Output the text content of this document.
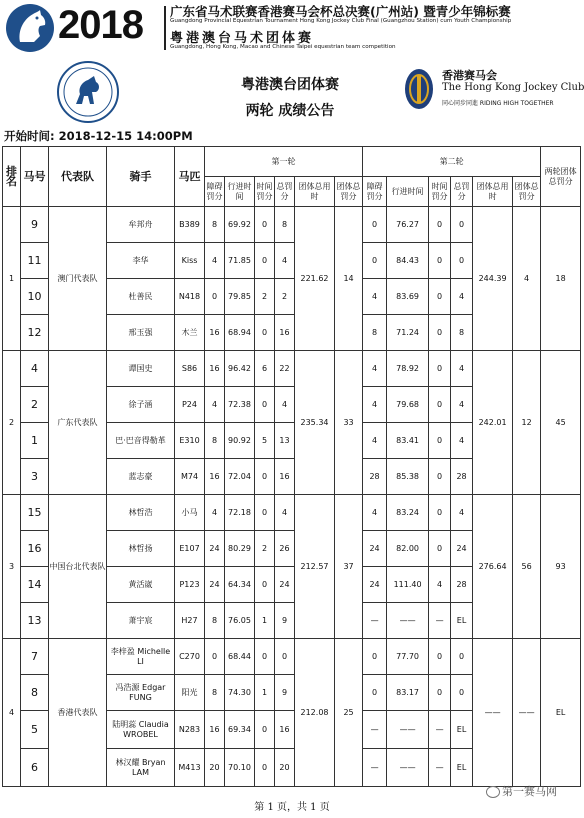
2018 广东省马术联赛香港赛马会杯总决赛(广州站) 暨青少年锦标赛
Guangdong Provincial Equestrian Tournament Hong Kong Jockey Club Final (Guangzhou Station) cum Youth Championship
粤港澳台马术团体赛
Guangdong, Hong Kong, Macao and Chinese Taipei equestrian team competition
粤港澳台团体赛
两轮 成绩公告
香港赛马会
The Hong Kong Jockey Club
同心同步同進 RIDING HIGH TOGETHER
开始时间: 2018-12-15 14:00PM
排名	马号	代表队	骑手	马匹	第一轮						第二轮						两轮团体总罚分
					障碍罚分	行进时间	时间罚分	总罚分	团体总用时	团体总罚分	障碍罚分	行进时间	时间罚分	总罚分	团体总用时	团体总罚分	
1	9	澳门代表队	牟邦舟	B389	8	69.92	0	8	221.62	14	0	76.27	0	0	244.39	4	18
	11		李华	Kiss	4	71.85	0	4			0	84.43	0	0			
	10		杜善民	N418	0	79.85	2	2			4	83.69	0	4			
	12		邢玉强	木兰	16	68.94	0	16			8	71.24	0	8			
2	4	广东代表队	谭国史	S86	16	96.42	6	22	235.34	33	4	78.92	0	4	242.01	12	45
	2		徐子涵	P24	4	72.38	0	4			4	79.68	0	4			
	1		巴·巴音得勒革	E310	8	90.92	5	13			4	83.41	0	4			
	3		蓝志豪	M74	16	72.04	0	16			28	85.38	0	28			
3	15	中国台北代表队	林哲浩	小马	4	72.18	0	4	212.57	37	4	83.24	0	4	276.64	56	93
	16		林哲扬	E107	24	80.29	2	26			24	82.00	0	24			
	14		黄活崴	P123	24	64.34	0	24			24	111.40	4	28			
	13		萧宇宸	H27	8	76.05	1	9			—	——	—	EL			
4	7	香港代表队	李梓盈 Michelle LI	C270	0	68.44	0	0	212.08	25	0	77.70	0	0	——	——	EL
	8		冯浩源 Edgar FUNG	阳光	8	74.30	1	9			0	83.17	0	0			
	5		陆明蕊 Claudia WROBEL	N283	16	69.34	0	16			—	——	—	EL			
	6		林汉耀 Bryan LAM	M413	20	70.10	0	20			—	——	—	EL			
第一赛马网
第 1 页，共 1 页
